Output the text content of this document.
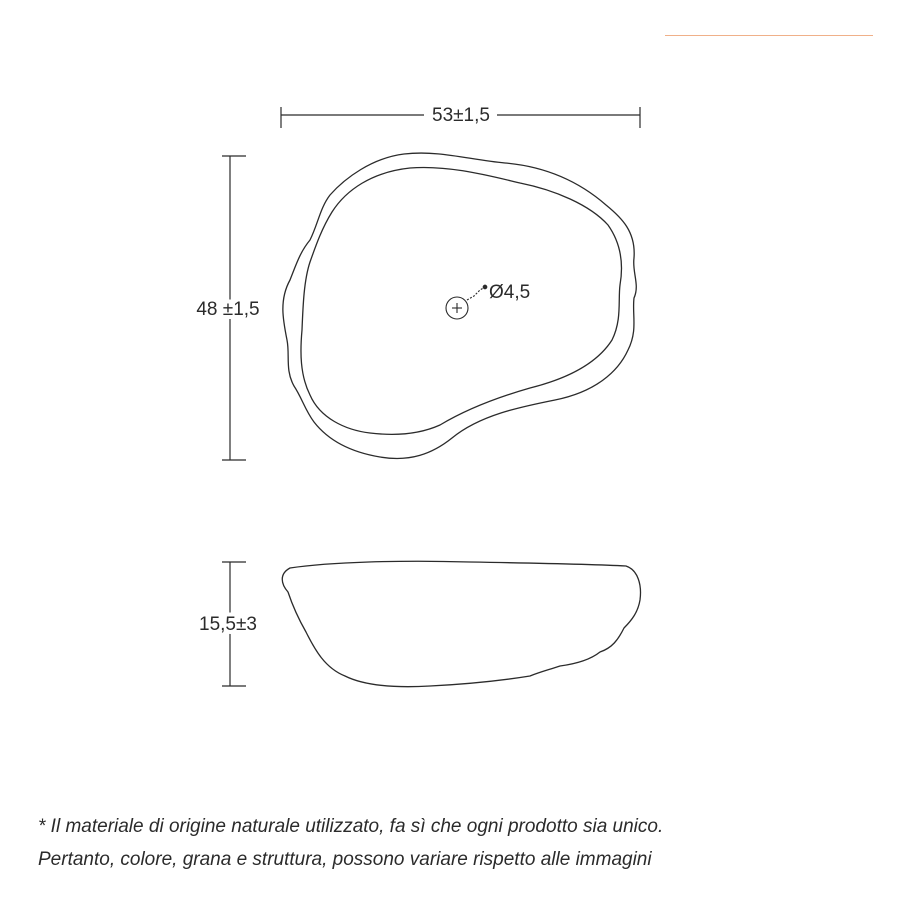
53±1,5
48 ±1,5
Ø4,5
15,5±3
* Il materiale di origine naturale utilizzato, fa sì che ogni prodotto sia unico.
Pertanto, colore, grana e struttura, possono variare rispetto alle immagini
